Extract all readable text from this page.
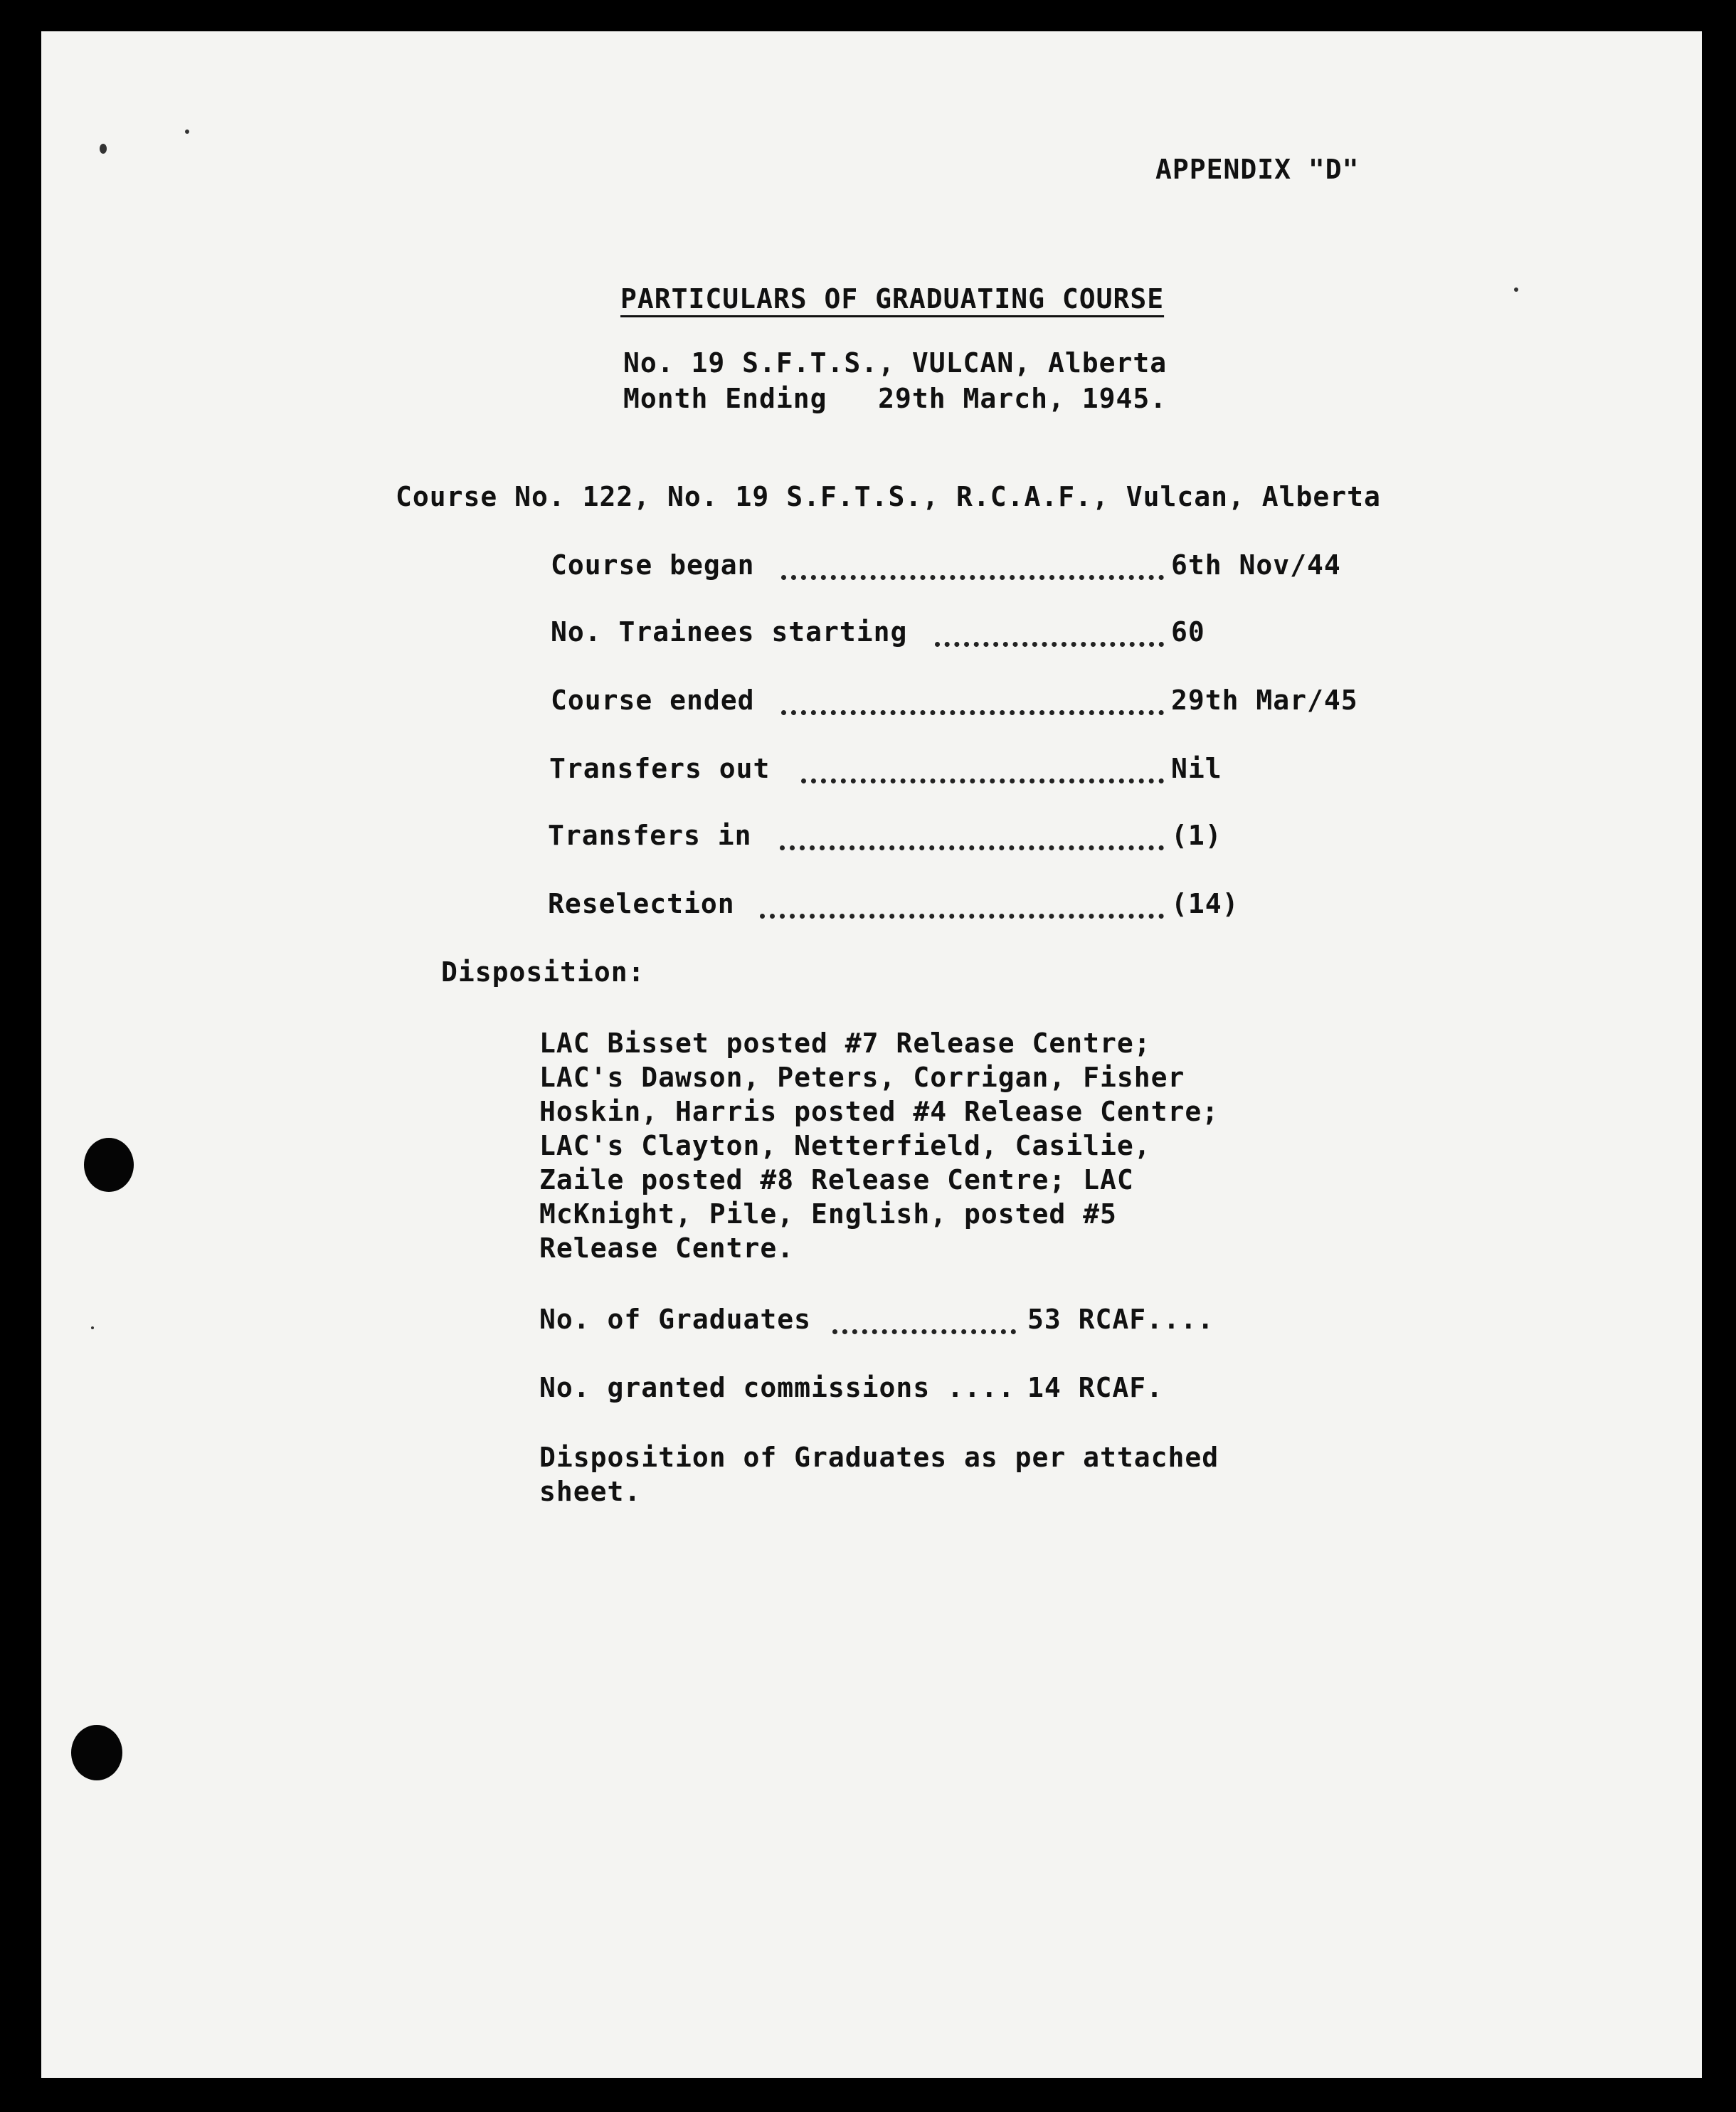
APPENDIX "D"
PARTICULARS OF GRADUATING COURSE
No. 19 S.F.T.S., VULCAN, Alberta
Month Ending   29th March, 1945.
Course No. 122, No. 19 S.F.T.S., R.C.A.F., Vulcan, Alberta
Course began	6th Nov/44
No. Trainees starting	60
Course ended	29th Mar/45
Transfers out	Nil
Transfers in	(1)
Reselection	(14)
Disposition:
LAC Bisset posted #7 Release Centre;
LAC's Dawson, Peters, Corrigan, Fisher
Hoskin, Harris posted #4 Release Centre;
LAC's Clayton, Netterfield, Casilie,
Zaile posted #8 Release Centre; LAC
McKnight, Pile, English, posted #5
Release Centre.
No. of Graduates	53 RCAF....
No. granted commissions .... 14 RCAF.
Disposition of Graduates as per attached
sheet.
